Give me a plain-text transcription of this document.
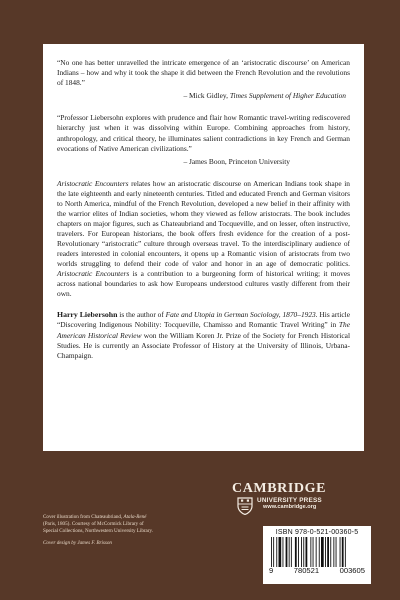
“No one has better unravelled the intricate emergence of an ‘aristocratic discourse’ on American Indians – how and why it took the shape it did between the French Revolution and the revolutions of 1848.”

– Mick Gidley, Times Supplement of Higher Education

“Professor Liebersohn explores with prudence and flair how Romantic travel-writing rediscovered hierarchy just when it was dissolving within Europe. Combining approaches from history, anthropology, and critical theory, he illuminates salient contradictions in key French and German evocations of Native American civilizations.”

– James Boon, Princeton University

Aristocratic Encounters relates how an aristocratic discourse on American Indians took shape in the late eighteenth and early nineteenth centuries. Titled and educated French and German visitors to North America, mindful of the French Revolution, developed a new belief in their affinity with the warrior elites of Indian societies, whom they viewed as fellow aristocrats. The book includes chapters on major figures, such as Chateaubriand and Tocqueville, and on lesser, often instructive, travelers. For European historians, the book offers fresh evidence for the creation of a post-Revolutionary “aristocratic” culture through overseas travel. To the interdisciplinary audience of readers interested in colonial encounters, it opens up a Romantic vision of aristocrats from two worlds struggling to defend their code of valor and honor in an age of democratic politics. Aristocratic Encounters is a contribution to a burgeoning form of historical writing; it moves across national boundaries to ask how Europeans understood cultures vastly different from their own.

Harry Liebersohn is the author of Fate and Utopia in German Sociology, 1870–1923. His article “Discovering Indigenous Nobility: Tocqueville, Chamisso and Romantic Travel Writing” in The American Historical Review won the William Koren Jr. Prize of the Society for French Historical Studies. He is currently an Associate Professor of History at the University of Illinois, Urbana-Champaign.

Cover illustration from Chateaubriand, Atala-René
(Paris, 1805). Courtesy of McCormick Library of
Special Collections, Northwestern University Library.
Cover design by James F. Brisson
CAMBRIDGE
UNIVERSITY PRESS
www.cambridge.org
ISBN 978-0-521-00360-5
9	780521	003605
